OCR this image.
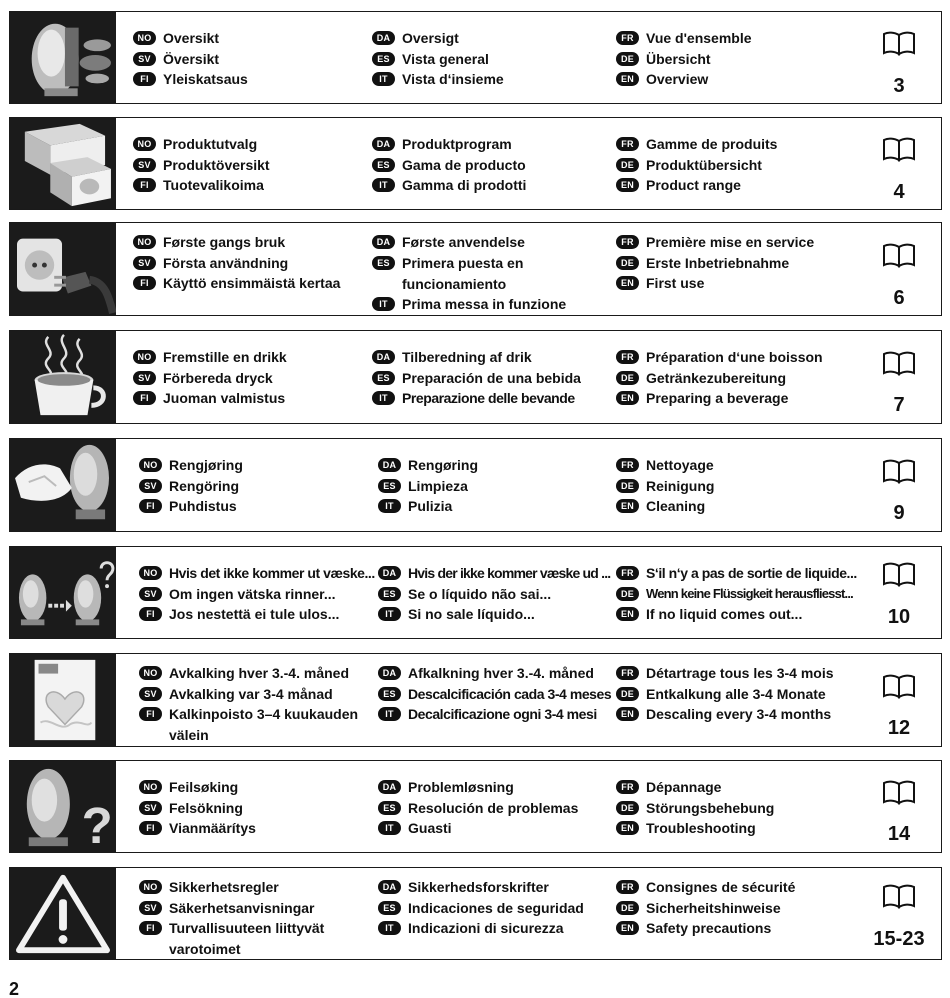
NO Oversikt
SV Översikt
FI	Yleiskatsaus
DA Oversigt
ES Vista general
IT	Vista d‘insieme
FR Vue d'ensemble
DE Übersicht
EN Overview	3
NO Produktutvalg
SV Produktöversikt
FI	Tuotevalikoima
DA Produktprogram
ES Gama de producto
IT	Gamma di prodotti
FR Gamme de produits
DE Produktübersicht
EN Product range	4
NO Første gangs bruk
SV Första användning
FI	Käyttö ensimmäistä kertaa
DA Første anvendelse
ES Primera puesta en funcionamiento
IT	Prima messa in funzione
FR Première mise en service
DE Erste Inbetriebnahme
EN First use
6
NO Fremstille en drikk
SV Förbereda dryck
FI	Juoman valmistus
DA Tilberedning af drik
ES Preparación de una bebida
IT	Preparazione delle bevande
FR Préparation d‘une boisson
DE Getränkezubereitung
EN Preparing a beverage	7
NO Rengjøring
SV Rengöring
FI	Puhdistus
DA Rengøring
ES Limpieza
IT	Pulizia
FR Nettoyage
DE Reinigung
EN Cleaning	9
NO Hvis det ikke kommer ut væske...
SV Om ingen vätska rinner...
FI	Jos nestettä ei tule ulos...
DA Hvis der ikke kommer væske ud ...
ES Se o líquido não sai...
IT	Si no sale líquido...
FR S‘il n‘y a pas de sortie de liquide...
DE Wenn keine Flüssigkeit herausfliesst...
EN If no liquid comes out...	10
NO Avkalking hver 3.-4. måned
SV Avkalking var 3-4 månad
FI	Kalkinpoisto 3–4 kuukauden välein
DA Afkalkning hver 3.-4. måned
ES Descalcificación cada 3-4 meses
IT	Decalcificazione ogni 3-4 mesi
FR Détartrage tous les 3-4 mois
DE Entkalkung alle 3-4 Monate
EN Descaling every 3-4 months
12
?
NO Feilsøking
SV Felsökning
FI	Vianmäärítys
DA Problemløsning
ES Resolución de problemas
IT	Guasti
FR Dépannage
DE Störungsbehebung
EN Troubleshooting	14
NO Sikkerhetsregler
SV Säkerhetsanvisningar
FI	Turvallisuuteen liittyvät varotoimet
DA Sikkerhedsforskrifter
ES Indicaciones de seguridad
IT	Indicazioni di sicurezza
FR Consignes de sécurité
DE Sicherheitshinweise
EN Safety precautions	15-23
2
